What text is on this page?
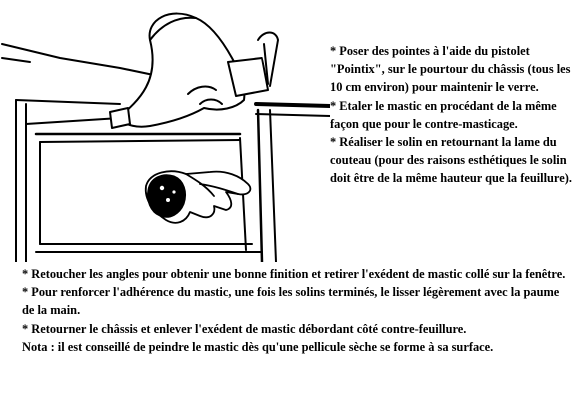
* Poser des pointes à l'aide du pistolet "Pointix", sur le pourtour du châssis (tous les 10 cm environ) pour maintenir le verre.

* Etaler le mastic en procédant de la même façon que pour le contre-masticage.

* Réaliser le solin en retournant la lame du couteau (pour des raisons esthétiques le solin doit être de la même hauteur que la feuillure).

* Retoucher les angles pour obtenir une bonne finition et retirer l'exédent de mastic collé sur la fenêtre.

* Pour renforcer l'adhérence du mastic, une fois les solins terminés, le lisser légèrement avec la paume de la main.

* Retourner le châssis et enlever l'exédent de mastic débordant côté contre-feuillure.

Nota : il est conseillé de peindre le mastic dès qu'une pellicule sèche se forme à sa surface.
